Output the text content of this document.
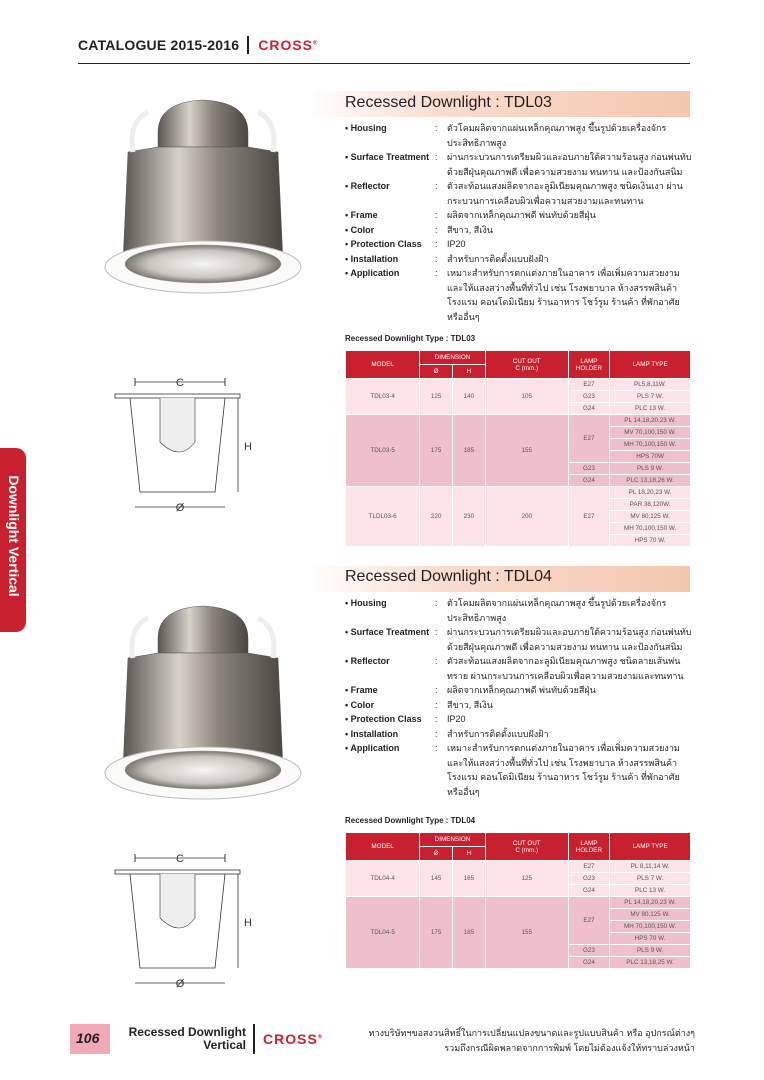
CATALOGUE 2015-2016 CROSS®
Downlight Vertical
Recessed Downlight : TDL03
C
H
Ø
• Housing	:	ตัวโคมผลิตจากแผ่นเหล็กคุณภาพสูง ขึ้นรูปด้วยเครื่องจักรประสิทธิภาพสูง
• Surface Treatment :	ผ่านกระบวนการเตรียมผิวและอบภายใต้ความร้อนสูง ก่อนพ่นทับด้วยสีฝุ่นคุณภาพดี เพื่อความสวยงาม ทนทาน และป้องกันสนิม
• Reflector	:	ตัวสะท้อนแสงผลิตจากอะลูมิเนียมคุณภาพสูง ชนิดเงินเงา ผ่านกระบวนการเคลือบผิวเพื่อความสวยงามและทนทาน
• Frame	:	ผลิตจากเหล็กคุณภาพดี พ่นทับด้วยสีฝุ่น
• Color	:	สีขาว, สีเงิน
• Protection Class	:	IP20
• Installation	:	สำหรับการติดตั้งแบบฝังฝ้า
• Application	:	เหมาะสำหรับการตกแต่งภายในอาคาร เพื่อเพิ่มความสวยงามและให้แสงสว่างพื้นที่ทั่วไป เช่น โรงพยาบาล ห้างสรรพสินค้า โรงแรม คอนโดมิเนียม ร้านอาหาร โชว์รูม ร้านค้า ที่พักอาศัย หรืออื่นๆ
Recessed Downlight Type : TDL03
MODEL	DIMENSION		CUT OUT
C (mm.)	LAMP
HOLDER	LAMP TYPE
	Ø	H			
TDL03-4	125	140	105	E27	PL5,8,11W.
				G23	PLS 7 W.
				G24	PLC 13 W.
TDL03-5	175	185	155	E27	PL 14,18,20,23 W.
					MV 70,100,150 W.
					MH 70,100,150 W.
					HPS 70W
				G23	PLS 9 W.
				G24	PLC 13,18,26 W.
TLDL03-6	220	230	200	E27	PL 18,20,23 W.
					PAR 38,120W.
					MV 80,125 W.
					MH 70,100,150 W.
					HPS 70 W.
Recessed Downlight : TDL04
C
H
Ø
• Housing	:	ตัวโคมผลิตจากแผ่นเหล็กคุณภาพสูง ขึ้นรูปด้วยเครื่องจักรประสิทธิภาพสูง
• Surface Treatment :	ผ่านกระบวนการเตรียมผิวและอบภายใต้ความร้อนสูง ก่อนพ่นทับด้วยสีฝุ่นคุณภาพดี เพื่อความสวยงาม ทนทาน และป้องกันสนิม
• Reflector	:	ตัวสะท้อนแสงผลิตจากอะลูมิเนียมคุณภาพสูง ชนิดลายเส้นพ่นทราย ผ่านกระบวนการเคลือบผิวเพื่อความสวยงามและทนทาน
• Frame	:	ผลิตจากเหล็กคุณภาพดี พ่นทับด้วยสีฝุ่น
• Color	:	สีขาว, สีเงิน
• Protection Class	:	IP20
• Installation	:	สำหรับการติดตั้งแบบฝังฝ้า
• Application	:	เหมาะสำหรับการตกแต่งภายในอาคาร เพื่อเพิ่มความสวยงามและให้แสงสว่างพื้นที่ทั่วไป เช่น โรงพยาบาล ห้างสรรพสินค้า โรงแรม คอนโดมิเนียม ร้านอาหาร โชว์รูม ร้านค้า ที่พักอาศัย หรืออื่นๆ
Recessed Downlight Type : TDL04
MODEL	DIMENSION		CUT OUT
C (mm.)	LAMP
HOLDER	LAMP TYPE
	Ø	H			
TDL04-4	145	165	125	E27	PL 8,11,14 W.
				G23	PLS 7 W.
				G24	PLC 13 W.
TDL04-5	175	185	155	E27	PL 14,18,20,23 W.
					MV 80,125 W.
					MH 70,100,150 W.
					HPS 70 W.
				G23	PLS 9 W.
				G24	PLC 13,18,25 W.
106	Recessed Downlight
Vertical CROSS®	ทางบริษัทฯขอสงวนสิทธิ์ในการเปลี่ยนแปลงขนาดและรูปแบบสินค้า หรือ อุปกรณ์ต่างๆ
รวมถึงกรณีผิดพลาดจากการพิมพ์ โดยไม่ต้องแจ้งให้ทราบล่วงหน้า
